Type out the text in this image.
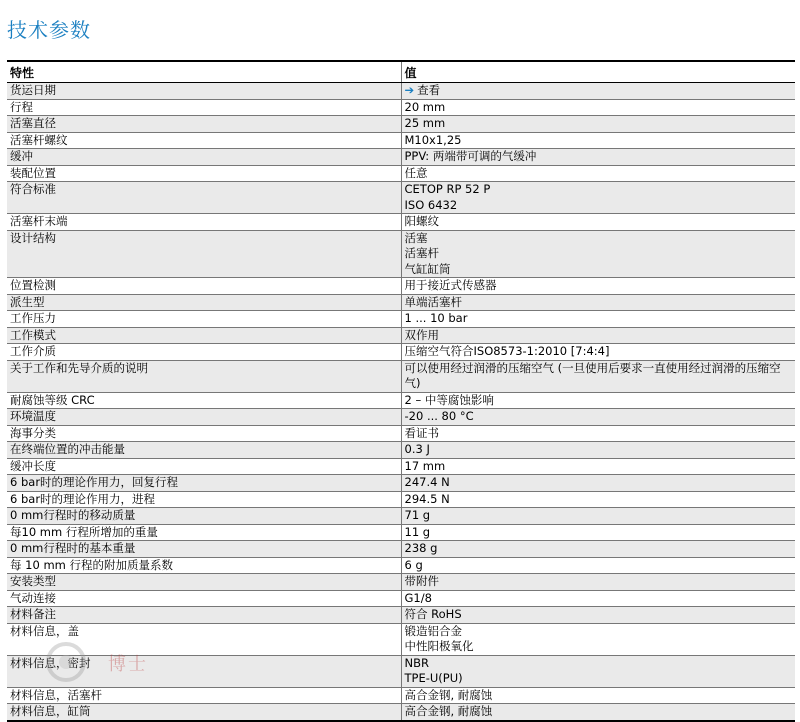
技术参数
特性	值
货运日期	➔ 查看
行程	20 mm

活塞直径	25 mm

活塞杆螺纹	M10x1,25

缓冲	PPV: 两端带可调的气缓冲

装配位置	任意

符合标准	CETOP RP 52 P
ISO 6432

活塞杆末端	阳螺纹

设计结构	活塞
活塞杆
气缸缸筒

位置检测	用于接近式传感器

派生型	单端活塞杆

工作压力	1 ... 10 bar

工作模式	双作用

工作介质	压缩空气符合ISO8573-1:2010 [7:4:4]

关于工作和先导介质的说明	可以使用经过润滑的压缩空气 (一旦使用后要求一直使用经过润滑的压缩空气)

耐腐蚀等级 CRC	2 – 中等腐蚀影响

环境温度	-20 ... 80 °C

海事分类	看证书

在终端位置的冲击能量	0.3 J

缓冲长度	17 mm

6 bar时的理论作用力，回复行程	247.4 N

6 bar时的理论作用力，进程	294.5 N

0 mm行程时的移动质量	71 g

每10 mm 行程所增加的重量	11 g

0 mm行程时的基本重量	238 g

每 10 mm 行程的附加质量系数	6 g

安装类型	带附件

气动连接	G1/8

材料备注	符合 RoHS

材料信息，盖	锻造铝合金
中性阳极氧化

材料信息，密封	NBR
TPE-U(PU)

材料信息，活塞杆	高合金钢, 耐腐蚀

材料信息，缸筒	高合金钢, 耐腐蚀
博士
